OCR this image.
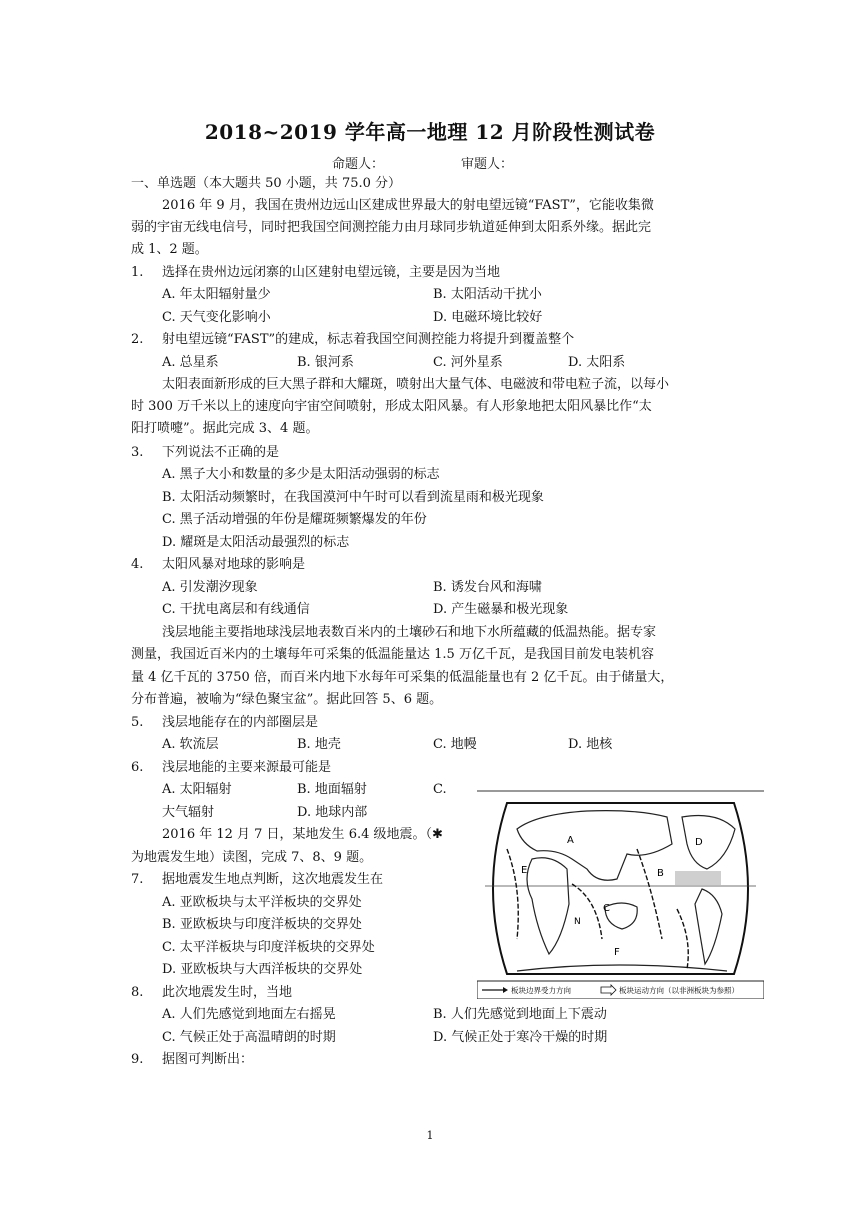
2018~2019 学年高一地理 12 月阶段性测试卷
命题人：	审题人：
一、单选题（本大题共 50 小题，共 75.0 分）
2016 年 9 月，我国在贵州边远山区建成世界最大的射电望远镜“FAST”，它能收集微
弱的宇宙无线电信号，同时把我国空间测控能力由月球同步轨道延伸到太阳系外缘。据此完
成 1、2 题。
1. 选择在贵州边远闭寨的山区建射电望远镜，主要是因为当地
A. 年太阳辐射量少	B. 太阳活动干扰小
C. 天气变化影响小	D. 电磁环境比较好
2. 射电望远镜“FAST”的建成，标志着我国空间测控能力将提升到覆盖整个
A. 总星系	B. 银河系	C. 河外星系	D. 太阳系
太阳表面新形成的巨大黑子群和大耀斑，喷射出大量气体、电磁波和带电粒子流，以每小
时 300 万千米以上的速度向宇宙空间喷射，形成太阳风暴。有人形象地把太阳风暴比作“太
阳打喷嚏”。据此完成 3、4 题。
3. 下列说法不正确的是
A. 黑子大小和数量的多少是太阳活动强弱的标志
B. 太阳活动频繁时，在我国漠河中午时可以看到流星雨和极光现象
C. 黑子活动增强的年份是耀斑频繁爆发的年份
D. 耀斑是太阳活动最强烈的标志
4. 太阳风暴对地球的影响是
A. 引发潮汐现象	B. 诱发台风和海啸
C. 干扰电离层和有线通信	D. 产生磁暴和极光现象
浅层地能主要指地球浅层地表数百米内的土壤砂石和地下水所蕴藏的低温热能。据专家
测量，我国近百米内的土壤每年可采集的低温能量达 1.5 万亿千瓦，是我国目前发电装机容
量 4 亿千瓦的 3750 倍，而百米内地下水每年可采集的低温能量也有 2 亿千瓦。由于储量大，
分布普遍，被喻为“绿色聚宝盆”。据此回答 5、6 题。
5. 浅层地能存在的内部圈层是
A. 软流层	B. 地壳	C. 地幔	D. 地核
6. 浅层地能的主要来源最可能是
A. 太阳辐射	B. 地面辐射	C.
大气辐射	D. 地球内部
2016 年 12 月 7 日，某地发生 6.4 级地震。（✱
为地震发生地）读图，完成 7、8、9 题。
7. 据地震发生地点判断，这次地震发生在
A. 亚欧板块与太平洋板块的交界处
B. 亚欧板块与印度洋板块的交界处
C. 太平洋板块与印度洋板块的交界处
D. 亚欧板块与大西洋板块的交界处
8. 此次地震发生时，当地
A. 人们先感觉到地面左右摇晃	B. 人们先感觉到地面上下震动
C. 气候正处于高温晴朗的时期	D. 气候正处于寒冷干燥的时期
9. 据图可判断出：
A
B
C
D
E
F
N
板块边界受力方向	板块运动方向（以非洲板块为参照）
1
